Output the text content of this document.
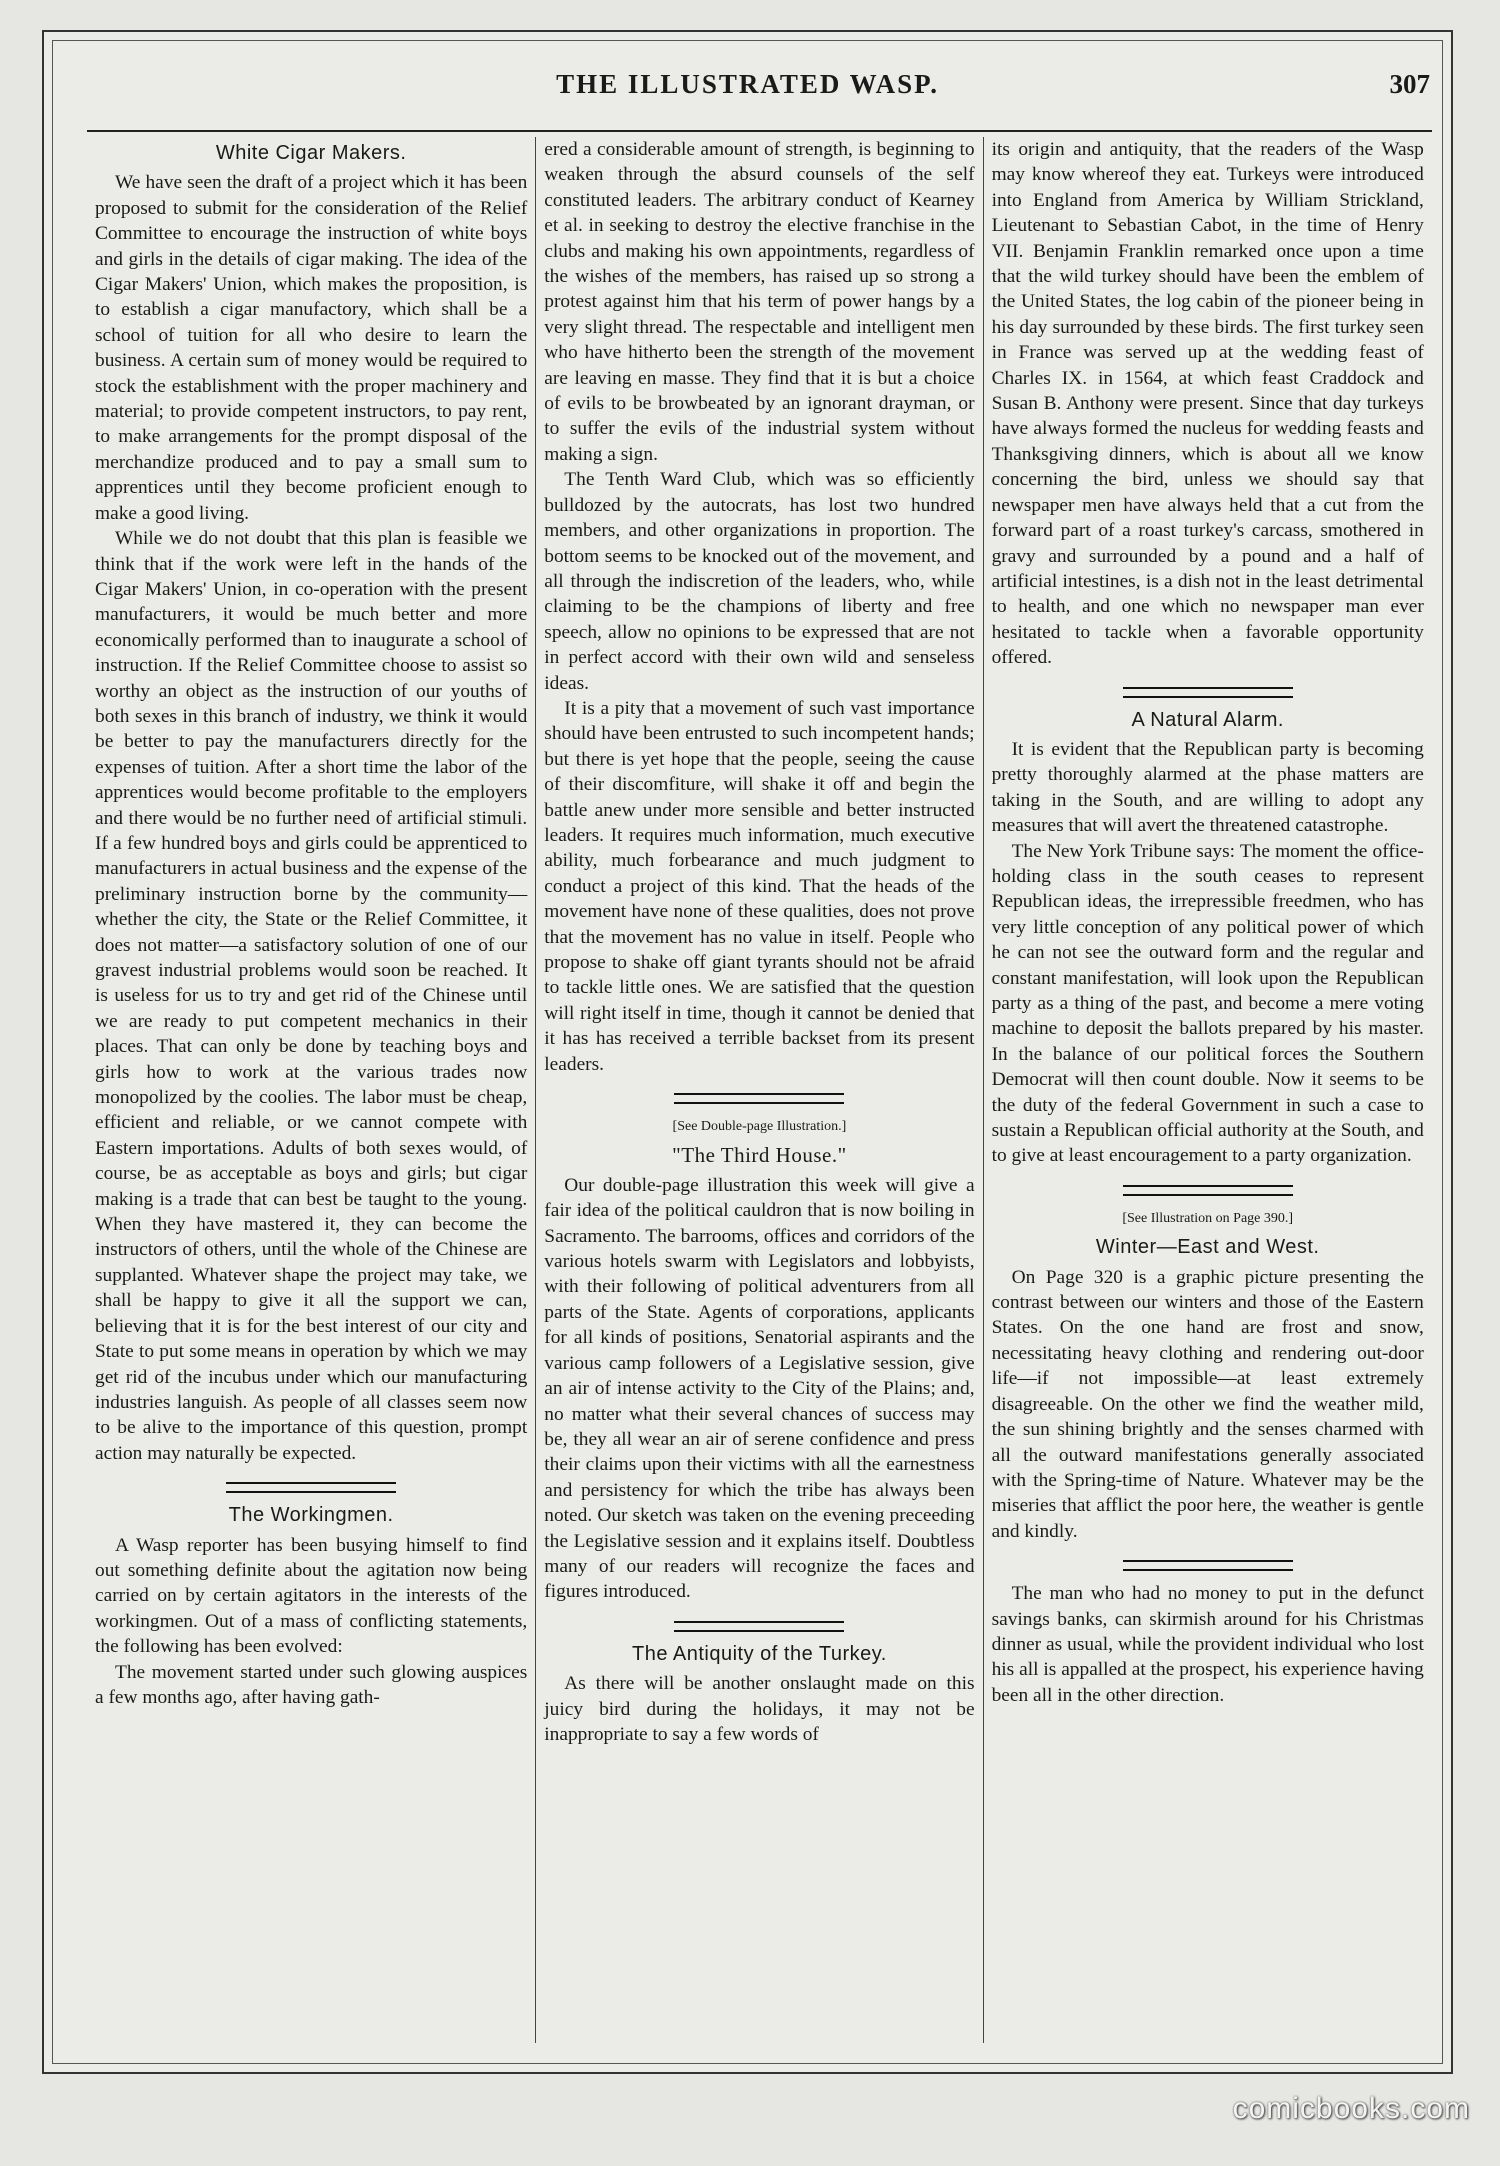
THE ILLUSTRATED WASP.	307
White Cigar Makers.

We have seen the draft of a project which it has been proposed to submit for the consideration of the Relief Committee to encourage the instruction of white boys and girls in the details of cigar making. The idea of the Cigar Makers' Union, which makes the proposition, is to establish a cigar manufactory, which shall be a school of tuition for all who desire to learn the business. A certain sum of money would be required to stock the establishment with the proper machinery and material; to provide competent instructors, to pay rent, to make arrangements for the prompt disposal of the merchandize produced and to pay a small sum to apprentices until they become proficient enough to make a good living.

While we do not doubt that this plan is feasible we think that if the work were left in the hands of the Cigar Makers' Union, in co-operation with the present manufacturers, it would be much better and more economically performed than to inaugurate a school of instruction. If the Relief Committee choose to assist so worthy an object as the instruction of our youths of both sexes in this branch of industry, we think it would be better to pay the manufacturers directly for the expenses of tuition. After a short time the labor of the apprentices would become profitable to the employers and there would be no further need of artificial stimuli. If a few hundred boys and girls could be apprenticed to manufacturers in actual business and the expense of the preliminary instruction borne by the community—whether the city, the State or the Relief Committee, it does not matter—a satisfactory solution of one of our gravest industrial problems would soon be reached. It is useless for us to try and get rid of the Chinese until we are ready to put competent mechanics in their places. That can only be done by teaching boys and girls how to work at the various trades now monopolized by the coolies. The labor must be cheap, efficient and reliable, or we cannot compete with Eastern importations. Adults of both sexes would, of course, be as acceptable as boys and girls; but cigar making is a trade that can best be taught to the young. When they have mastered it, they can become the instructors of others, until the whole of the Chinese are supplanted. Whatever shape the project may take, we shall be happy to give it all the support we can, believing that it is for the best interest of our city and State to put some means in operation by which we may get rid of the incubus under which our manufacturing industries languish. As people of all classes seem now to be alive to the importance of this question, prompt action may naturally be expected.

The Workingmen.

A Wasp reporter has been busying himself to find out something definite about the agitation now being carried on by certain agitators in the interests of the workingmen. Out of a mass of conflicting statements, the following has been evolved:

The movement started under such glowing auspices a few months ago, after having gath-

ered a considerable amount of strength, is beginning to weaken through the absurd counsels of the self constituted leaders. The arbitrary conduct of Kearney et al. in seeking to destroy the elective franchise in the clubs and making his own appointments, regardless of the wishes of the members, has raised up so strong a protest against him that his term of power hangs by a very slight thread. The respectable and intelligent men who have hitherto been the strength of the movement are leaving en masse. They find that it is but a choice of evils to be browbeated by an ignorant drayman, or to suffer the evils of the industrial system without making a sign.

The Tenth Ward Club, which was so efficiently bulldozed by the autocrats, has lost two hundred members, and other organizations in proportion. The bottom seems to be knocked out of the movement, and all through the indiscretion of the leaders, who, while claiming to be the champions of liberty and free speech, allow no opinions to be expressed that are not in perfect accord with their own wild and senseless ideas.

It is a pity that a movement of such vast importance should have been entrusted to such incompetent hands; but there is yet hope that the people, seeing the cause of their discomfiture, will shake it off and begin the battle anew under more sensible and better instructed leaders. It requires much information, much executive ability, much forbearance and much judgment to conduct a project of this kind. That the heads of the movement have none of these qualities, does not prove that the movement has no value in itself. People who propose to shake off giant tyrants should not be afraid to tackle little ones. We are satisfied that the question will right itself in time, though it cannot be denied that it has has received a terrible backset from its present leaders.

[See Double-page Illustration.]
"The Third House."

Our double-page illustration this week will give a fair idea of the political cauldron that is now boiling in Sacramento. The barrooms, offices and corridors of the various hotels swarm with Legislators and lobbyists, with their following of political adventurers from all parts of the State. Agents of corporations, applicants for all kinds of positions, Senatorial aspirants and the various camp followers of a Legislative session, give an air of intense activity to the City of the Plains; and, no matter what their several chances of success may be, they all wear an air of serene confidence and press their claims upon their victims with all the earnestness and persistency for which the tribe has always been noted. Our sketch was taken on the evening preceeding the Legislative session and it explains itself. Doubtless many of our readers will recognize the faces and figures introduced.

The Antiquity of the Turkey.

As there will be another onslaught made on this juicy bird during the holidays, it may not be inappropriate to say a few words of

its origin and antiquity, that the readers of the Wasp may know whereof they eat. Turkeys were introduced into England from America by William Strickland, Lieutenant to Sebastian Cabot, in the time of Henry VII. Benjamin Franklin remarked once upon a time that the wild turkey should have been the emblem of the United States, the log cabin of the pioneer being in his day surrounded by these birds. The first turkey seen in France was served up at the wedding feast of Charles IX. in 1564, at which feast Craddock and Susan B. Anthony were present. Since that day turkeys have always formed the nucleus for wedding feasts and Thanksgiving dinners, which is about all we know concerning the bird, unless we should say that newspaper men have always held that a cut from the forward part of a roast turkey's carcass, smothered in gravy and surrounded by a pound and a half of artificial intestines, is a dish not in the least detrimental to health, and one which no newspaper man ever hesitated to tackle when a favorable opportunity offered.

A Natural Alarm.

It is evident that the Republican party is becoming pretty thoroughly alarmed at the phase matters are taking in the South, and are willing to adopt any measures that will avert the threatened catastrophe.

The New York Tribune says: The moment the office-holding class in the south ceases to represent Republican ideas, the irrepressible freedmen, who has very little conception of any political power of which he can not see the outward form and the regular and constant manifestation, will look upon the Republican party as a thing of the past, and become a mere voting machine to deposit the ballots prepared by his master. In the balance of our political forces the Southern Democrat will then count double. Now it seems to be the duty of the federal Government in such a case to sustain a Republican official authority at the South, and to give at least encouragement to a party organization.

[See Illustration on Page 390.]
Winter—East and West.

On Page 320 is a graphic picture presenting the contrast between our winters and those of the Eastern States. On the one hand are frost and snow, necessitating heavy clothing and rendering out-door life—if not impossible—at least extremely disagreeable. On the other we find the weather mild, the sun shining brightly and the senses charmed with all the outward manifestations generally associated with the Spring-time of Nature. Whatever may be the miseries that afflict the poor here, the weather is gentle and kindly.

The man who had no money to put in the defunct savings banks, can skirmish around for his Christmas dinner as usual, while the provident individual who lost his all is appalled at the prospect, his experience having been all in the other direction.

comicbooks.com
